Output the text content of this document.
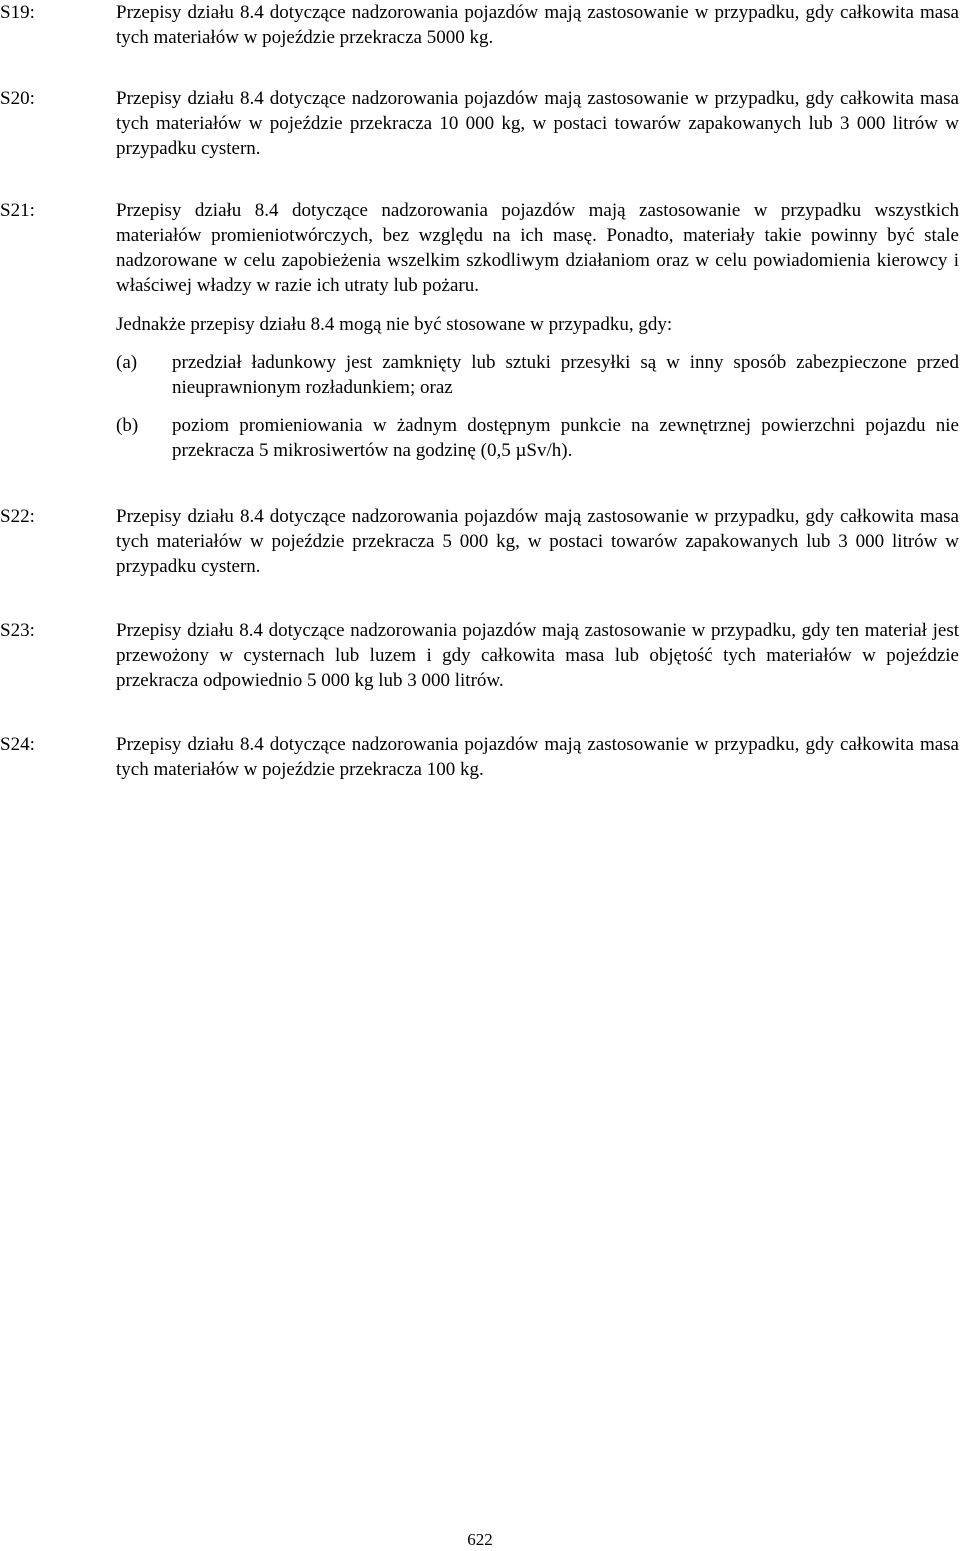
S19:	Przepisy działu 8.4 dotyczące nadzorowania pojazdów mają zastosowanie w przypadku, gdy całkowita masa tych materiałów w pojeździe przekracza 5000 kg.

S20:	Przepisy działu 8.4 dotyczące nadzorowania pojazdów mają zastosowanie w przypadku, gdy całkowita masa tych materiałów w pojeździe przekracza 10 000 kg, w postaci towarów zapakowanych lub 3 000 litrów w przypadku cystern.

S21:	Przepisy działu 8.4 dotyczące nadzorowania pojazdów mają zastosowanie w przypadku wszystkich materiałów promieniotwórczych, bez względu na ich masę. Ponadto, materiały takie powinny być stale nadzorowane w celu zapobieżenia wszelkim szkodliwym działaniom oraz w celu powiadomienia kierowcy i właściwej władzy w razie ich utraty lub pożaru.

Jednakże przepisy działu 8.4 mogą nie być stosowane w przypadku, gdy:

(a)	przedział ładunkowy jest zamknięty lub sztuki przesyłki są w inny sposób zabezpieczone przed nieuprawnionym rozładunkiem; oraz
(b)	poziom promieniowania w żadnym dostępnym punkcie na zewnętrznej powierzchni pojazdu nie przekracza 5 mikrosiwertów na godzinę (0,5 µSv/h).
S22:	Przepisy działu 8.4 dotyczące nadzorowania pojazdów mają zastosowanie w przypadku, gdy całkowita masa tych materiałów w pojeździe przekracza 5 000 kg, w postaci towarów zapakowanych lub 3 000 litrów w przypadku cystern.

S23:	Przepisy działu 8.4 dotyczące nadzorowania pojazdów mają zastosowanie w przypadku, gdy ten materiał jest przewożony w cysternach lub luzem i gdy całkowita masa lub objętość tych materiałów w pojeździe przekracza odpowiednio 5 000 kg lub 3 000 litrów.

S24:	Przepisy działu 8.4 dotyczące nadzorowania pojazdów mają zastosowanie w przypadku, gdy całkowita masa tych materiałów w pojeździe przekracza 100 kg.

622
